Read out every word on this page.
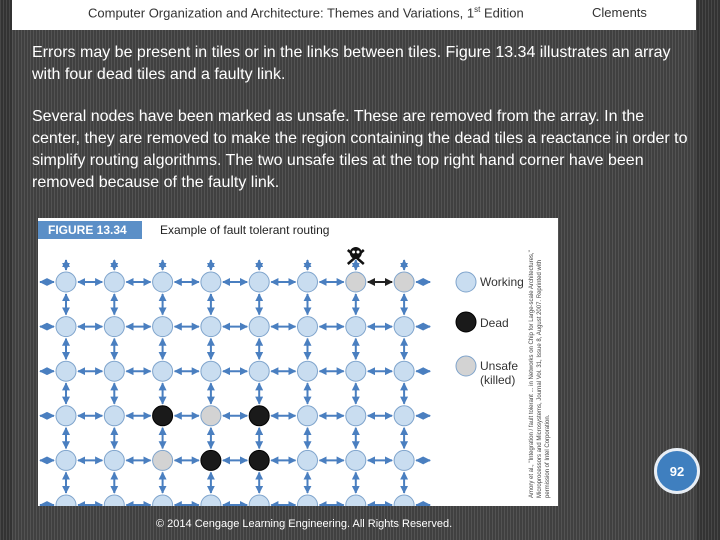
Computer Organization and Architecture: Themes and Variations, 1st Edition	Clements
Errors may be present in tiles or in the links between tiles. Figure 13.34 illustrates an array with four dead tiles and a faulty link.
Several nodes have been marked as unsafe. These are removed from the array. In the center, they are removed to make the region containing the dead tiles a reactance in order to simplify routing algorithms. The two unsafe tiles at the top right hand corner have been removed because of the faulty link.
FIGURE 13.34	Example of fault tolerant routing
Working
Dead
Unsafe
(killed)	Amory et al., "Integration / fault tolerant ... in Networks on Chip for Large-scale Architectures," Microprocessors and Microsystems, Journal Vol. 31, Issue 8, August 2007. Reprinted with permission of Intel Corporation.	92
© 2014 Cengage Learning Engineering. All Rights Reserved.
